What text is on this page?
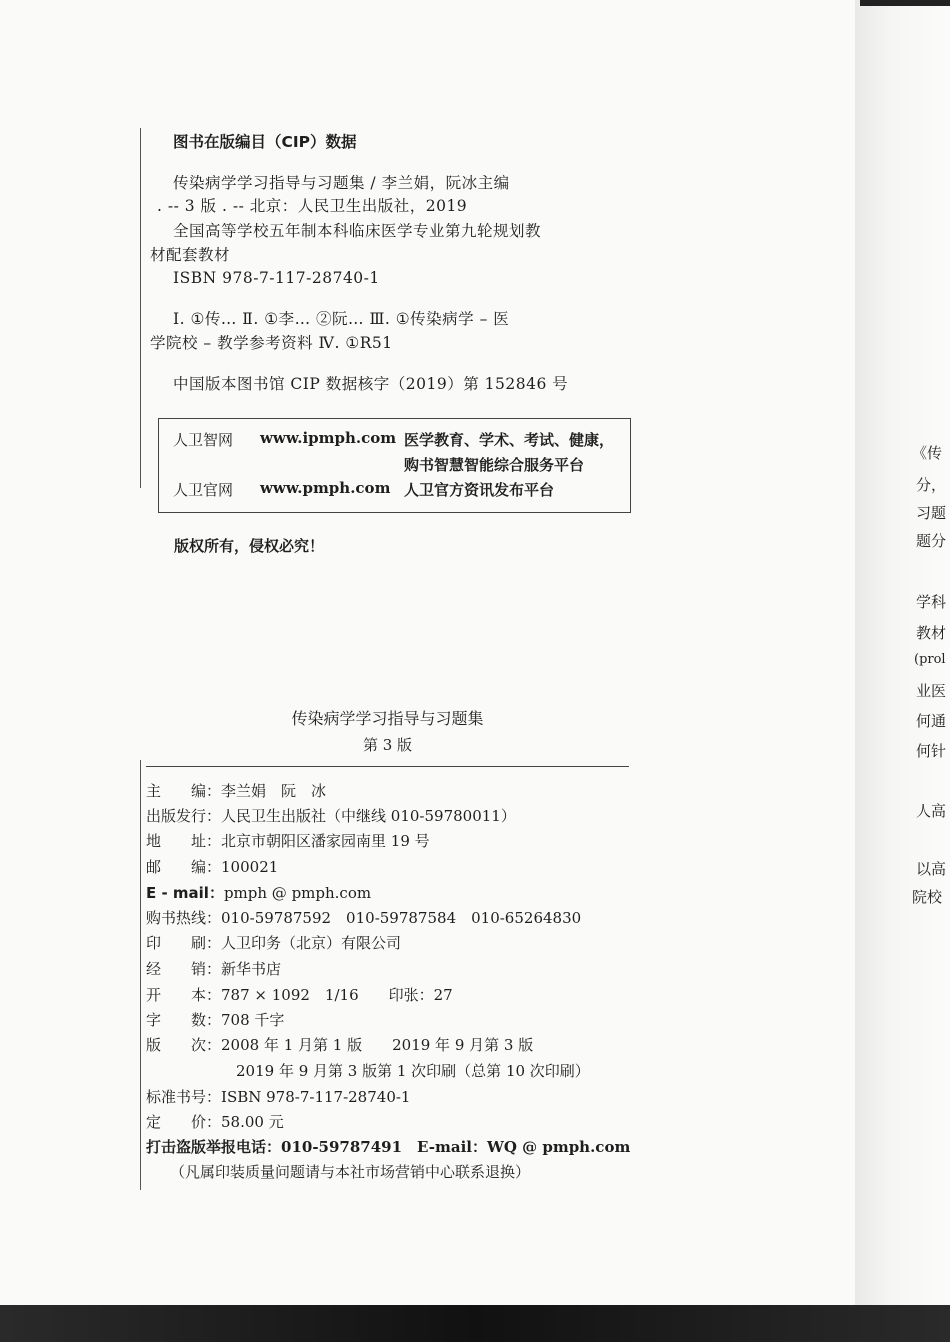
图书在版编目（CIP）数据
传染病学学习指导与习题集 / 李兰娟，阮冰主编
. -- 3 版 . -- 北京：人民卫生出版社，2019
全国高等学校五年制本科临床医学专业第九轮规划教
材配套教材
ISBN 978-7-117-28740-1
Ⅰ. ①传… Ⅱ. ①李… ②阮… Ⅲ. ①传染病学 – 医
学院校 – 教学参考资料 Ⅳ. ①R51
中国版本图书馆 CIP 数据核字（2019）第 152846 号
人卫智网 www.ipmph.com 医学教育、学术、考试、健康，
购书智慧智能综合服务平台
人卫官网 www.pmph.com 人卫官方资讯发布平台
版权所有，侵权必究！
传染病学学习指导与习题集
第 3 版
主　　编：李兰娟　阮　冰
出版发行：人民卫生出版社（中继线 010-59780011）
地　　址：北京市朝阳区潘家园南里 19 号
邮　　编：100021
E - mail：pmph @ pmph.com
购书热线：010-59787592　010-59787584　010-65264830
印　　刷：人卫印务（北京）有限公司
经　　销：新华书店
开　　本：787 × 1092　1/16　　印张：27
字　　数：708 千字
版　　次：2008 年 1 月第 1 版　　2019 年 9 月第 3 版
2019 年 9 月第 3 版第 1 次印刷（总第 10 次印刷）
标准书号：ISBN 978-7-117-28740-1
定　　价：58.00 元
打击盗版举报电话：010-59787491　E-mail：WQ @ pmph.com
（凡属印装质量问题请与本社市场营销中心联系退换）
《传
分，
习题
题分
学科
教材
(prol
业医
何通
何针
人高
以高
院校
